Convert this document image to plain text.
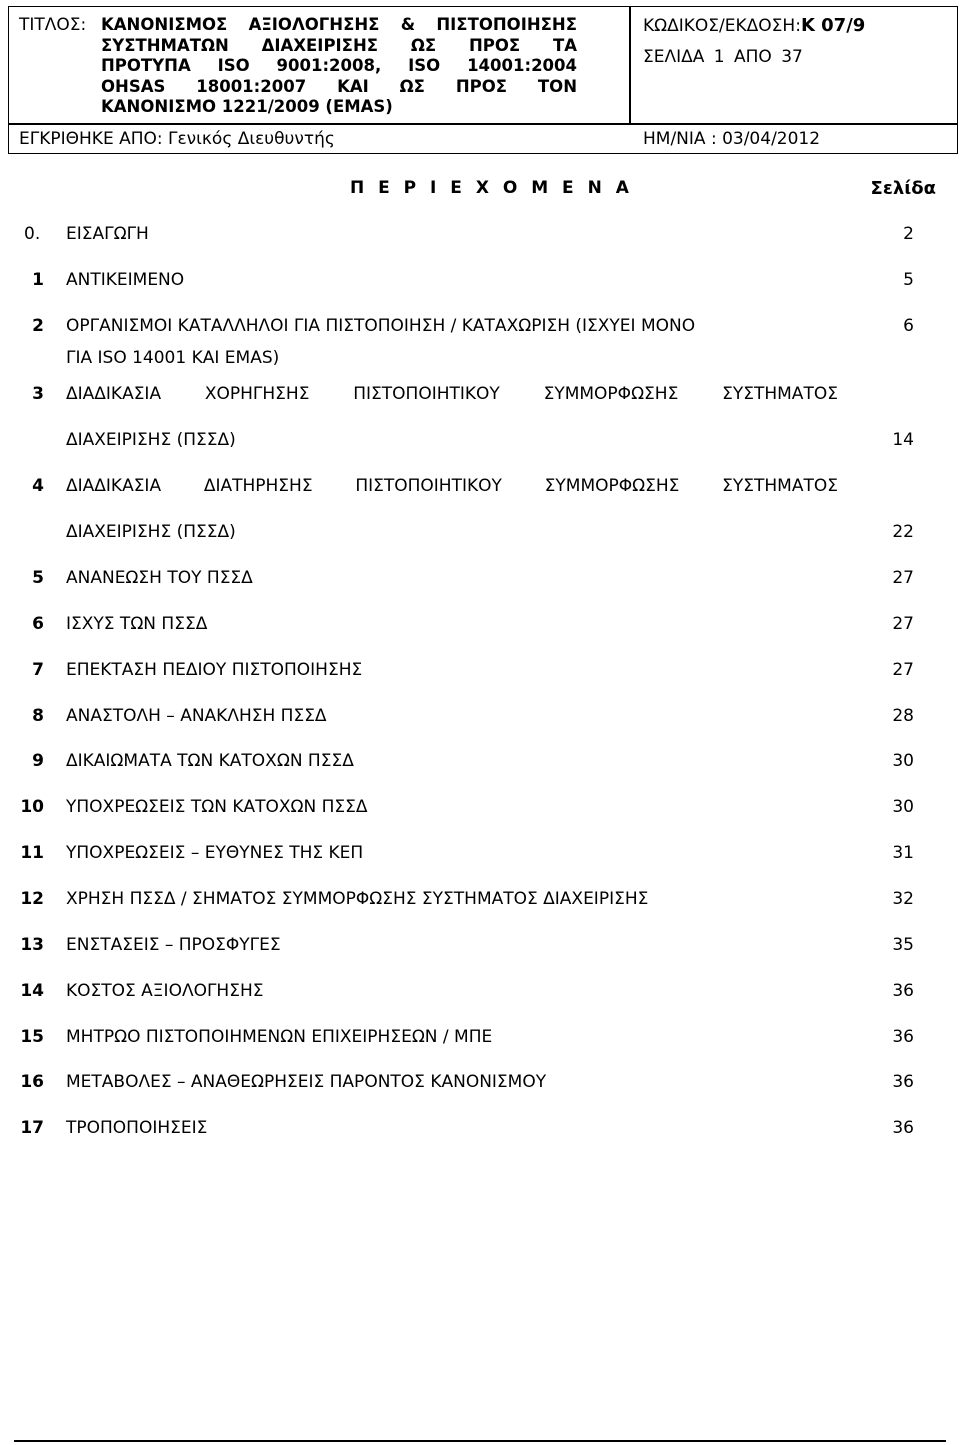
ΤΙΤΛΟΣ: ΚΑΝΟΝΙΣΜΟΣ ΑΞΙΟΛΟΓΗΣΗΣ & ΠΙΣΤΟΠΟΙΗΣΗΣ
ΣΥΣΤΗΜΑΤΩΝ ΔΙΑΧΕΙΡΙΣΗΣ ΩΣ ΠΡΟΣ ΤΑ
ΠΡΟΤΥΠΑ ISO 9001:2008, ISO 14001:2004
OHSAS 18001:2007 ΚΑΙ ΩΣ ΠΡΟΣ ΤΟΝ
ΚΑΝΟΝΙΣΜΟ 1221/2009 (EMAS)
ΚΩΔΙΚΟΣ/ΕΚΔΟΣΗ:Κ 07/9
ΣΕΛΙΔΑ 1 ΑΠΟ 37
ΕΓΚΡΙΘΗΚΕ ΑΠΟ: Γενικός Διευθυντής	ΗΜ/ΝΙΑ : 03/04/2012
Π Ε Ρ Ι Ε Χ Ο Μ Ε Ν Α	Σελίδα
0. ΕΙΣΑΓΩΓΗ	2
1 ΑΝΤΙΚΕΙΜΕΝΟ	5
2 ΟΡΓΑΝΙΣΜΟΙ ΚΑΤΑΛΛΗΛΟΙ ΓΙΑ ΠΙΣΤΟΠΟΙΗΣΗ / ΚΑΤΑΧΩΡΙΣΗ (ΙΣΧΥΕΙ ΜΟΝΟ	6
ΓΙΑ ISO 14001 ΚΑΙ EMAS)
3 ΔΙΑΔΙΚΑΣΙΑ	ΧΟΡΗΓΗΣΗΣ	ΠΙΣΤΟΠΟΙΗΤΙΚΟΥ	ΣΥΜΜΟΡΦΩΣΗΣ	ΣΥΣΤΗΜΑΤΟΣ
ΔΙΑΧΕΙΡΙΣΗΣ (ΠΣΣΔ)	14
4 ΔΙΑΔΙΚΑΣΙΑ	ΔΙΑΤΗΡΗΣΗΣ	ΠΙΣΤΟΠΟΙΗΤΙΚΟΥ	ΣΥΜΜΟΡΦΩΣΗΣ	ΣΥΣΤΗΜΑΤΟΣ
ΔΙΑΧΕΙΡΙΣΗΣ (ΠΣΣΔ)	22
5 ΑΝΑΝΕΩΣΗ ΤΟΥ ΠΣΣΔ	27
6 ΙΣΧΥΣ ΤΩΝ ΠΣΣΔ	27
7 ΕΠΕΚΤΑΣΗ ΠΕΔΙΟΥ ΠΙΣΤΟΠΟΙΗΣΗΣ	27
8 ΑΝΑΣΤΟΛΗ – ΑΝΑΚΛΗΣΗ ΠΣΣΔ	28
9 ΔΙΚΑΙΩΜΑΤΑ ΤΩΝ ΚΑΤΟΧΩΝ ΠΣΣΔ	30
10 ΥΠΟΧΡΕΩΣΕΙΣ ΤΩΝ ΚΑΤΟΧΩΝ ΠΣΣΔ	30
11 ΥΠΟΧΡΕΩΣΕΙΣ – ΕΥΘΥΝΕΣ ΤΗΣ ΚΕΠ	31
12 ΧΡΗΣΗ ΠΣΣΔ / ΣΗΜΑΤΟΣ ΣΥΜΜΟΡΦΩΣΗΣ ΣΥΣΤΗΜΑΤΟΣ ΔΙΑΧΕΙΡΙΣΗΣ	32
13 ΕΝΣΤΑΣΕΙΣ – ΠΡΟΣΦΥΓΕΣ	35
14 ΚΟΣΤΟΣ ΑΞΙΟΛΟΓΗΣΗΣ	36
15 ΜΗΤΡΩΟ ΠΙΣΤΟΠΟΙΗΜΕΝΩΝ ΕΠΙΧΕΙΡΗΣΕΩΝ / ΜΠΕ	36
16 ΜΕΤΑΒΟΛΕΣ – ΑΝΑΘΕΩΡΗΣΕΙΣ ΠΑΡΟΝΤΟΣ ΚΑΝΟΝΙΣΜΟΥ	36
17 ΤΡΟΠΟΠΟΙΗΣΕΙΣ	36
